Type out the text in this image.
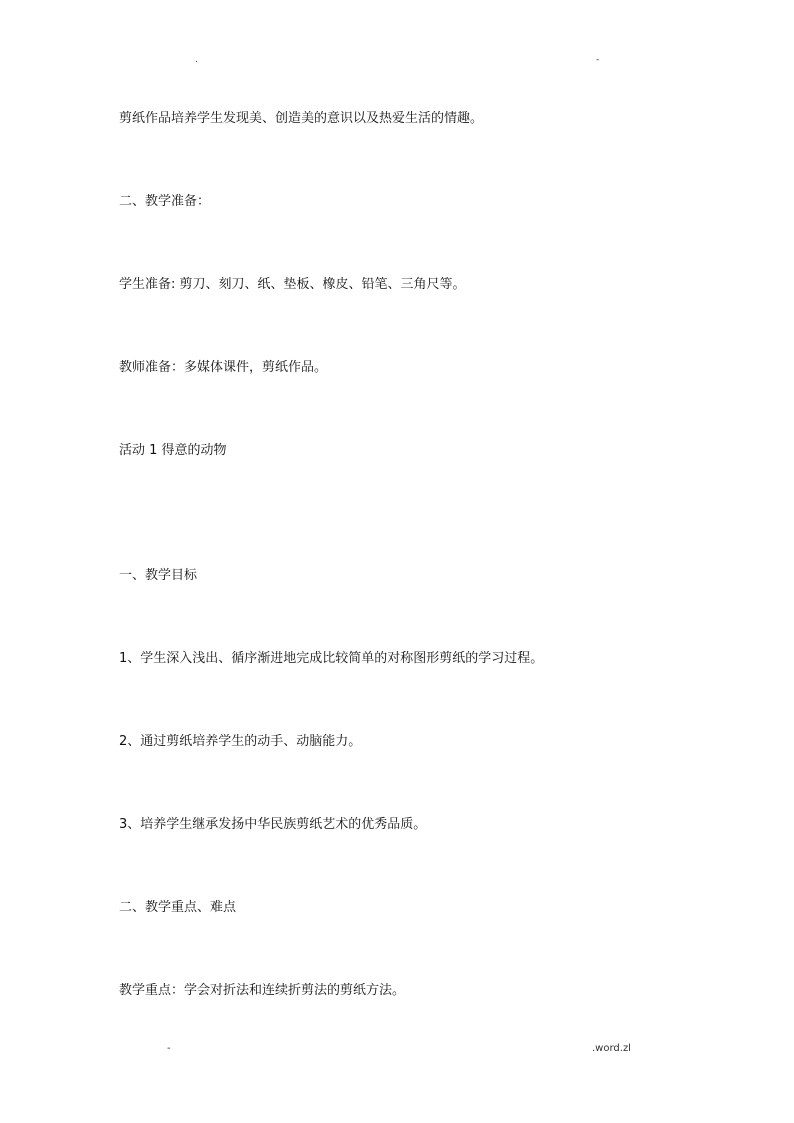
.	-
剪纸作品培养学生发现美、创造美的意识以及热爱生活的情趣。
二、教学准备：
学生准备: 剪刀、刻刀、纸、垫板、橡皮、铅笔、三角尺等。
教师准备：多媒体课件，剪纸作品。
活动 1 得意的动物
一、教学目标
1、学生深入浅出、循序渐进地完成比较简单的对称图形剪纸的学习过程。
2、通过剪纸培养学生的动手、动脑能力。
3、培养学生继承发扬中华民族剪纸艺术的优秀品质。
二、教学重点、难点
教学重点：学会对折法和连续折剪法的剪纸方法。
-	.word.zl
